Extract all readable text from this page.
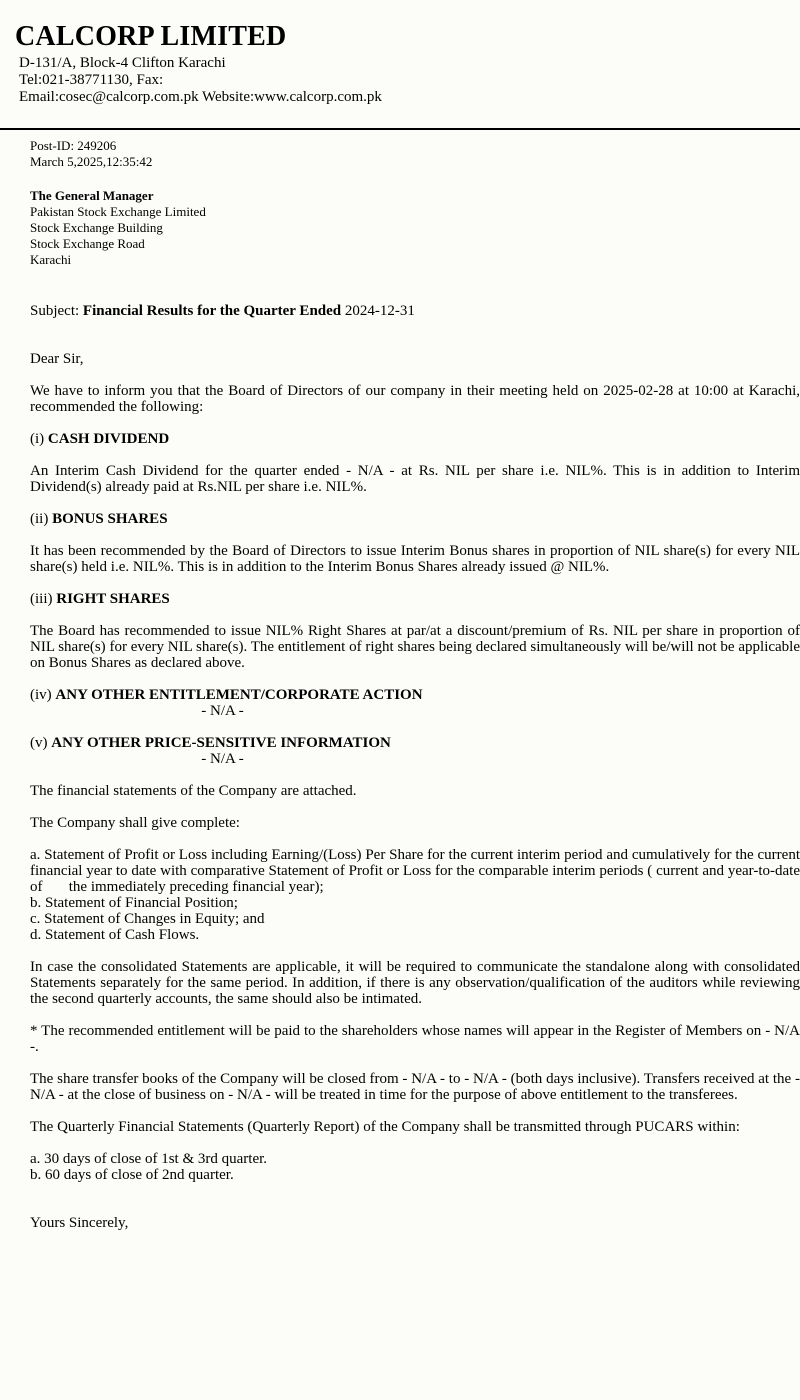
CALCORP LIMITED
D-131/A, Block-4 Clifton Karachi
Tel:021-38771130, Fax:
Email:cosec@calcorp.com.pk Website:www.calcorp.com.pk
Post-ID: 249206
March 5,2025,12:35:42
The General Manager
Pakistan Stock Exchange Limited
Stock Exchange Building
Stock Exchange Road
Karachi
Subject: Financial Results for the Quarter Ended 2024-12-31
Dear Sir,
We have to inform you that the Board of Directors of our company in their meeting held on 2025-02-28 at 10:00 at Karachi, recommended the following:
(i) CASH DIVIDEND
An Interim Cash Dividend for the quarter ended - N/A - at Rs. NIL per share i.e. NIL%. This is in addition to Interim Dividend(s) already paid at Rs.NIL per share i.e. NIL%.
(ii) BONUS SHARES
It has been recommended by the Board of Directors to issue Interim Bonus shares in proportion of NIL share(s) for every NIL share(s) held i.e. NIL%. This is in addition to the Interim Bonus Shares already issued @ NIL%.
(iii) RIGHT SHARES
The Board has recommended to issue NIL% Right Shares at par/at a discount/premium of Rs. NIL per share in proportion of NIL share(s) for every NIL share(s). The entitlement of right shares being declared simultaneously will be/will not be applicable on Bonus Shares as declared above.
(iv) ANY OTHER ENTITLEMENT/CORPORATE ACTION
- N/A -
(v) ANY OTHER PRICE-SENSITIVE INFORMATION
- N/A -
The financial statements of the Company are attached.
The Company shall give complete:
a. Statement of Profit or Loss including Earning/(Loss) Per Share for the current interim period and cumulatively for the current            financial year to date with comparative Statement of Profit or Loss for the comparable interim periods ( current and year-to-date of       the immediately preceding financial year);
b. Statement of Financial Position;
c. Statement of Changes in Equity; and
d. Statement of Cash Flows.
In case the consolidated Statements are applicable, it will be required to communicate the standalone along with consolidated Statements separately for the same period. In addition, if there is any observation/qualification of the auditors while reviewing the second quarterly accounts, the same should also be intimated.
* The recommended entitlement will be paid to the shareholders whose names will appear in the Register of Members on - N/A -.
The share transfer books of the Company will be closed from - N/A - to - N/A - (both days inclusive). Transfers received at the - N/A - at the close of business on - N/A - will be treated in time for the purpose of above entitlement to the transferees.
The Quarterly Financial Statements (Quarterly Report) of the Company shall be transmitted through PUCARS within:
a. 30 days of close of 1st & 3rd quarter.
b. 60 days of close of 2nd quarter.
Yours Sincerely,
